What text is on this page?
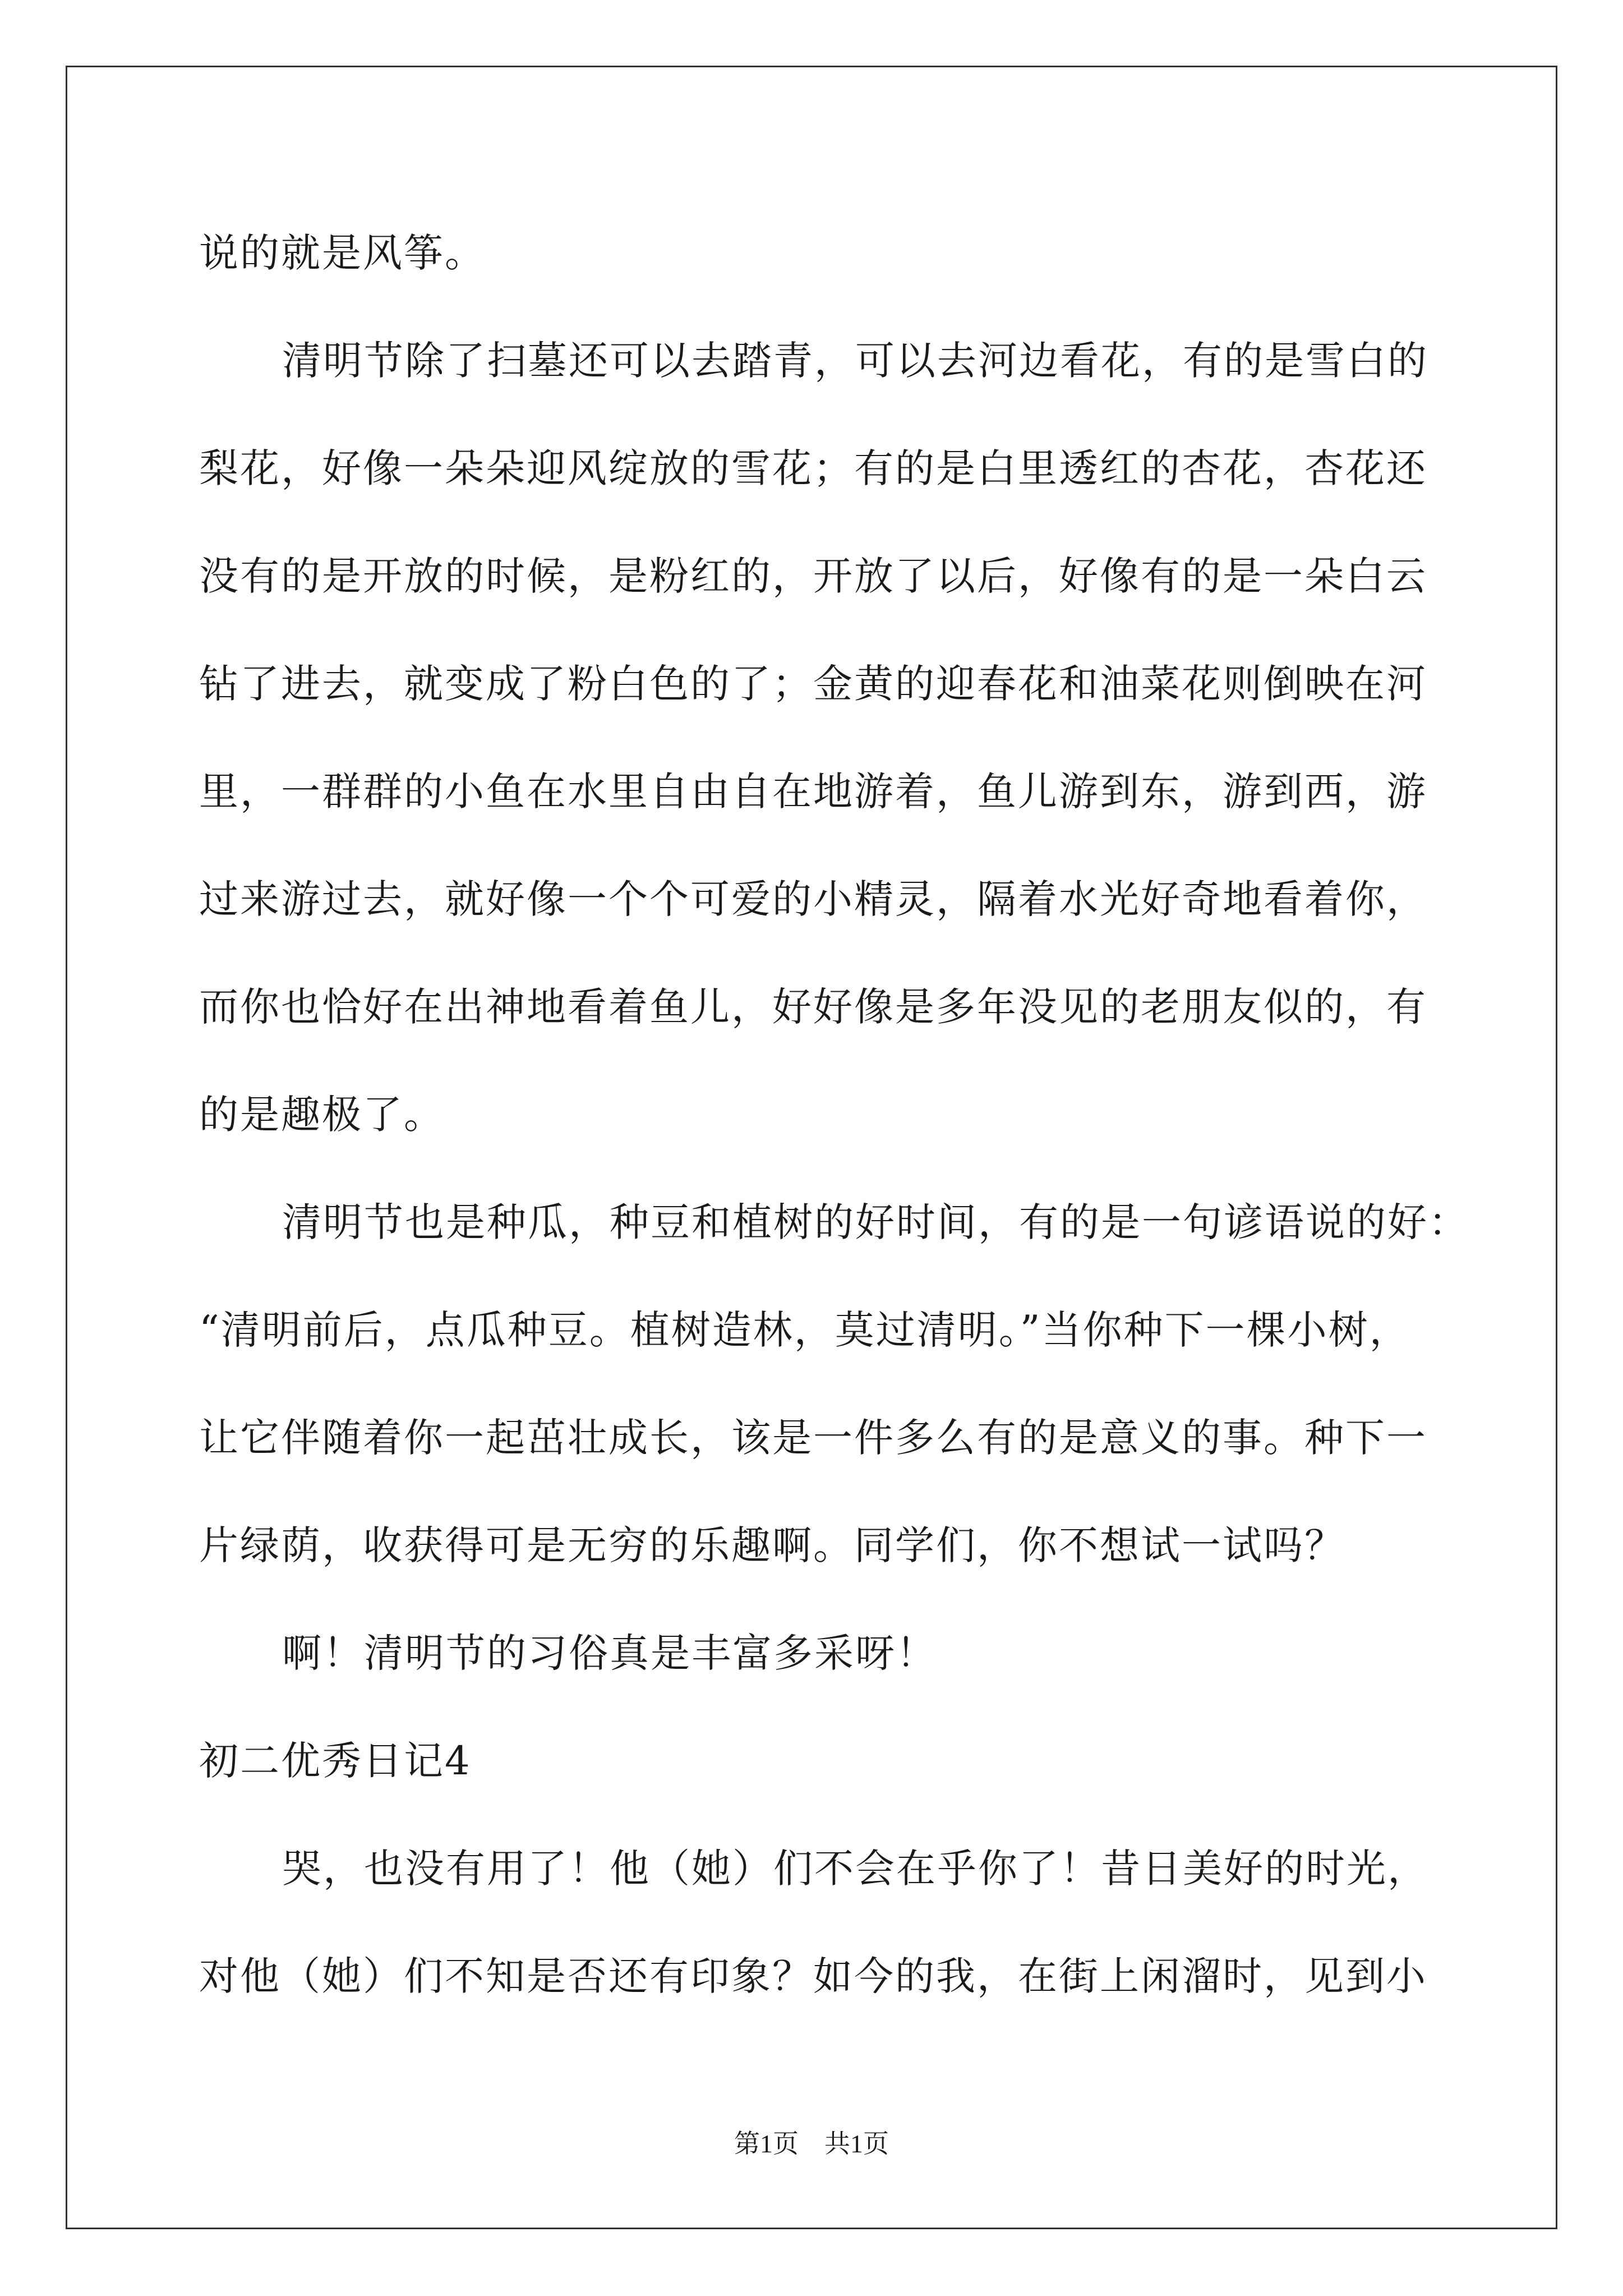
说的就是风筝。
清明节除了扫墓还可以去踏青，可以去河边看花，有的是雪白的
梨花，好像一朵朵迎风绽放的雪花；有的是白里透红的杏花，杏花还
没有的是开放的时候，是粉红的，开放了以后，好像有的是一朵白云
钻了进去，就变成了粉白色的了；金黄的迎春花和油菜花则倒映在河
里，一群群的小鱼在水里自由自在地游着，鱼儿游到东，游到西，游
过来游过去，就好像一个个可爱的小精灵，隔着水光好奇地看着你，
而你也恰好在出神地看着鱼儿，好好像是多年没见的老朋友似的，有
的是趣极了。
清明节也是种瓜，种豆和植树的好时间，有的是一句谚语说的好：
“清明前后，点瓜种豆。植树造林，莫过清明。”当你种下一棵小树，
让它伴随着你一起茁壮成长，该是一件多么有的是意义的事。种下一
片绿荫，收获得可是无穷的乐趣啊。同学们，你不想试一试吗？
啊！清明节的习俗真是丰富多采呀！
初二优秀日记4
哭，也没有用了！他（她）们不会在乎你了！昔日美好的时光，
对他（她）们不知是否还有印象？如今的我，在街上闲溜时，见到小
第1页　共1页
